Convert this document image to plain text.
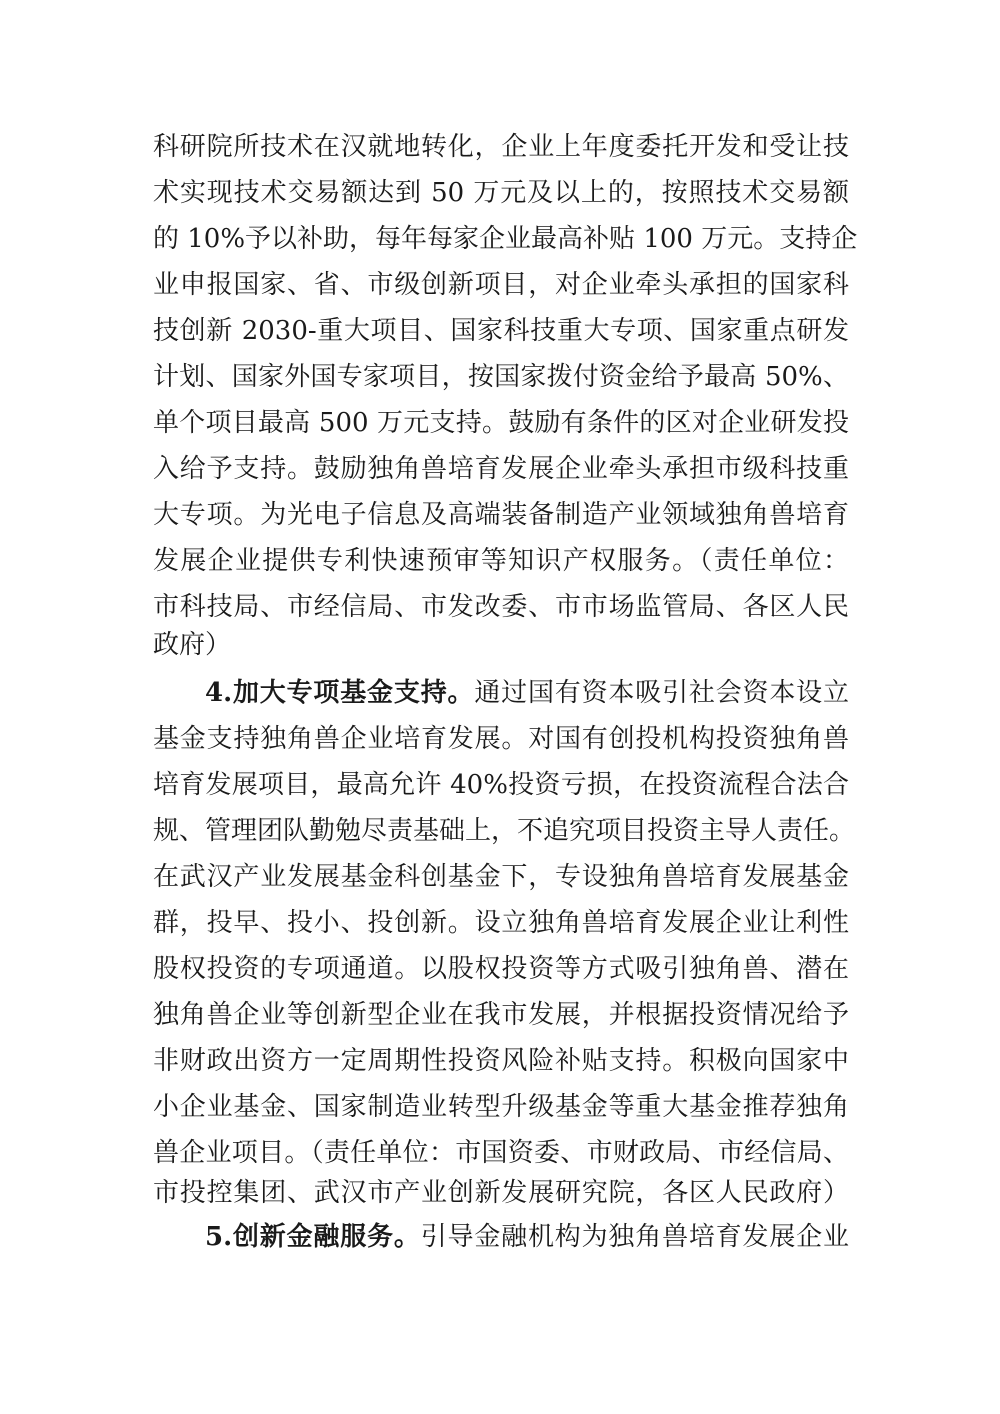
科研院所技术在汉就地转化，企业上年度委托开发和受让技
术实现技术交易额达到 50 万元及以上的，按照技术交易额
的 10%予以补助，每年每家企业最高补贴 100 万元。支持企
业申报国家、省、市级创新项目，对企业牵头承担的国家科
技创新 2030-重大项目、国家科技重大专项、国家重点研发
计划、国家外国专家项目，按国家拨付资金给予最高 50%、
单个项目最高 500 万元支持。鼓励有条件的区对企业研发投
入给予支持。鼓励独角兽培育发展企业牵头承担市级科技重
大专项。为光电子信息及高端装备制造产业领域独角兽培育
发展企业提供专利快速预审等知识产权服务。（责任单位：
市科技局、市经信局、市发改委、市市场监管局、各区人民
政府）
4.加大专项基金支持。通过国有资本吸引社会资本设立
基金支持独角兽企业培育发展。对国有创投机构投资独角兽
培育发展项目，最高允许 40%投资亏损，在投资流程合法合
规、管理团队勤勉尽责基础上，不追究项目投资主导人责任。
在武汉产业发展基金科创基金下，专设独角兽培育发展基金
群，投早、投小、投创新。设立独角兽培育发展企业让利性
股权投资的专项通道。以股权投资等方式吸引独角兽、潜在
独角兽企业等创新型企业在我市发展，并根据投资情况给予
非财政出资方一定周期性投资风险补贴支持。积极向国家中
小企业基金、国家制造业转型升级基金等重大基金推荐独角
兽企业项目。（责任单位：市国资委、市财政局、市经信局、
市投控集团、武汉市产业创新发展研究院，各区人民政府）
5.创新金融服务。引导金融机构为独角兽培育发展企业
